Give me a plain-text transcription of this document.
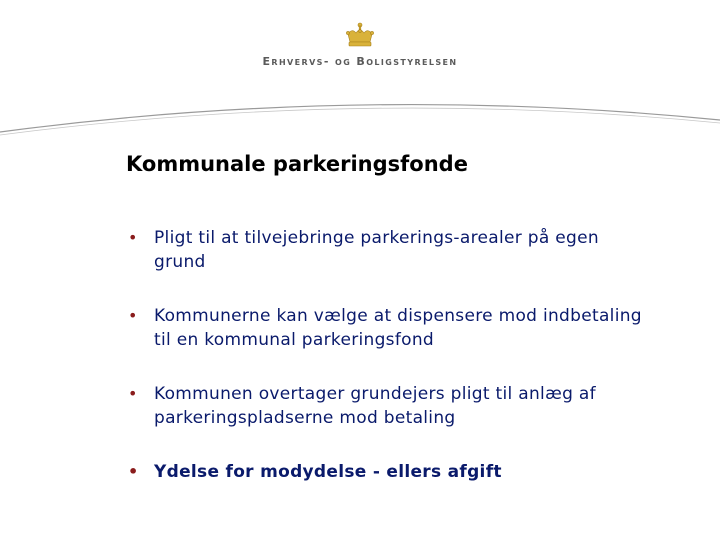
Erhvervs- og Boligstyrelsen
Kommunale parkeringsfonde
• Pligt til at tilvejebringe parkerings-arealer på egen grund
• Kommunerne kan vælge at dispensere mod indbetaling til en kommunal parkeringsfond
• Kommunen overtager grundejers pligt til anlæg af parkeringspladserne mod betaling
• Ydelse for modydelse - ellers afgift
